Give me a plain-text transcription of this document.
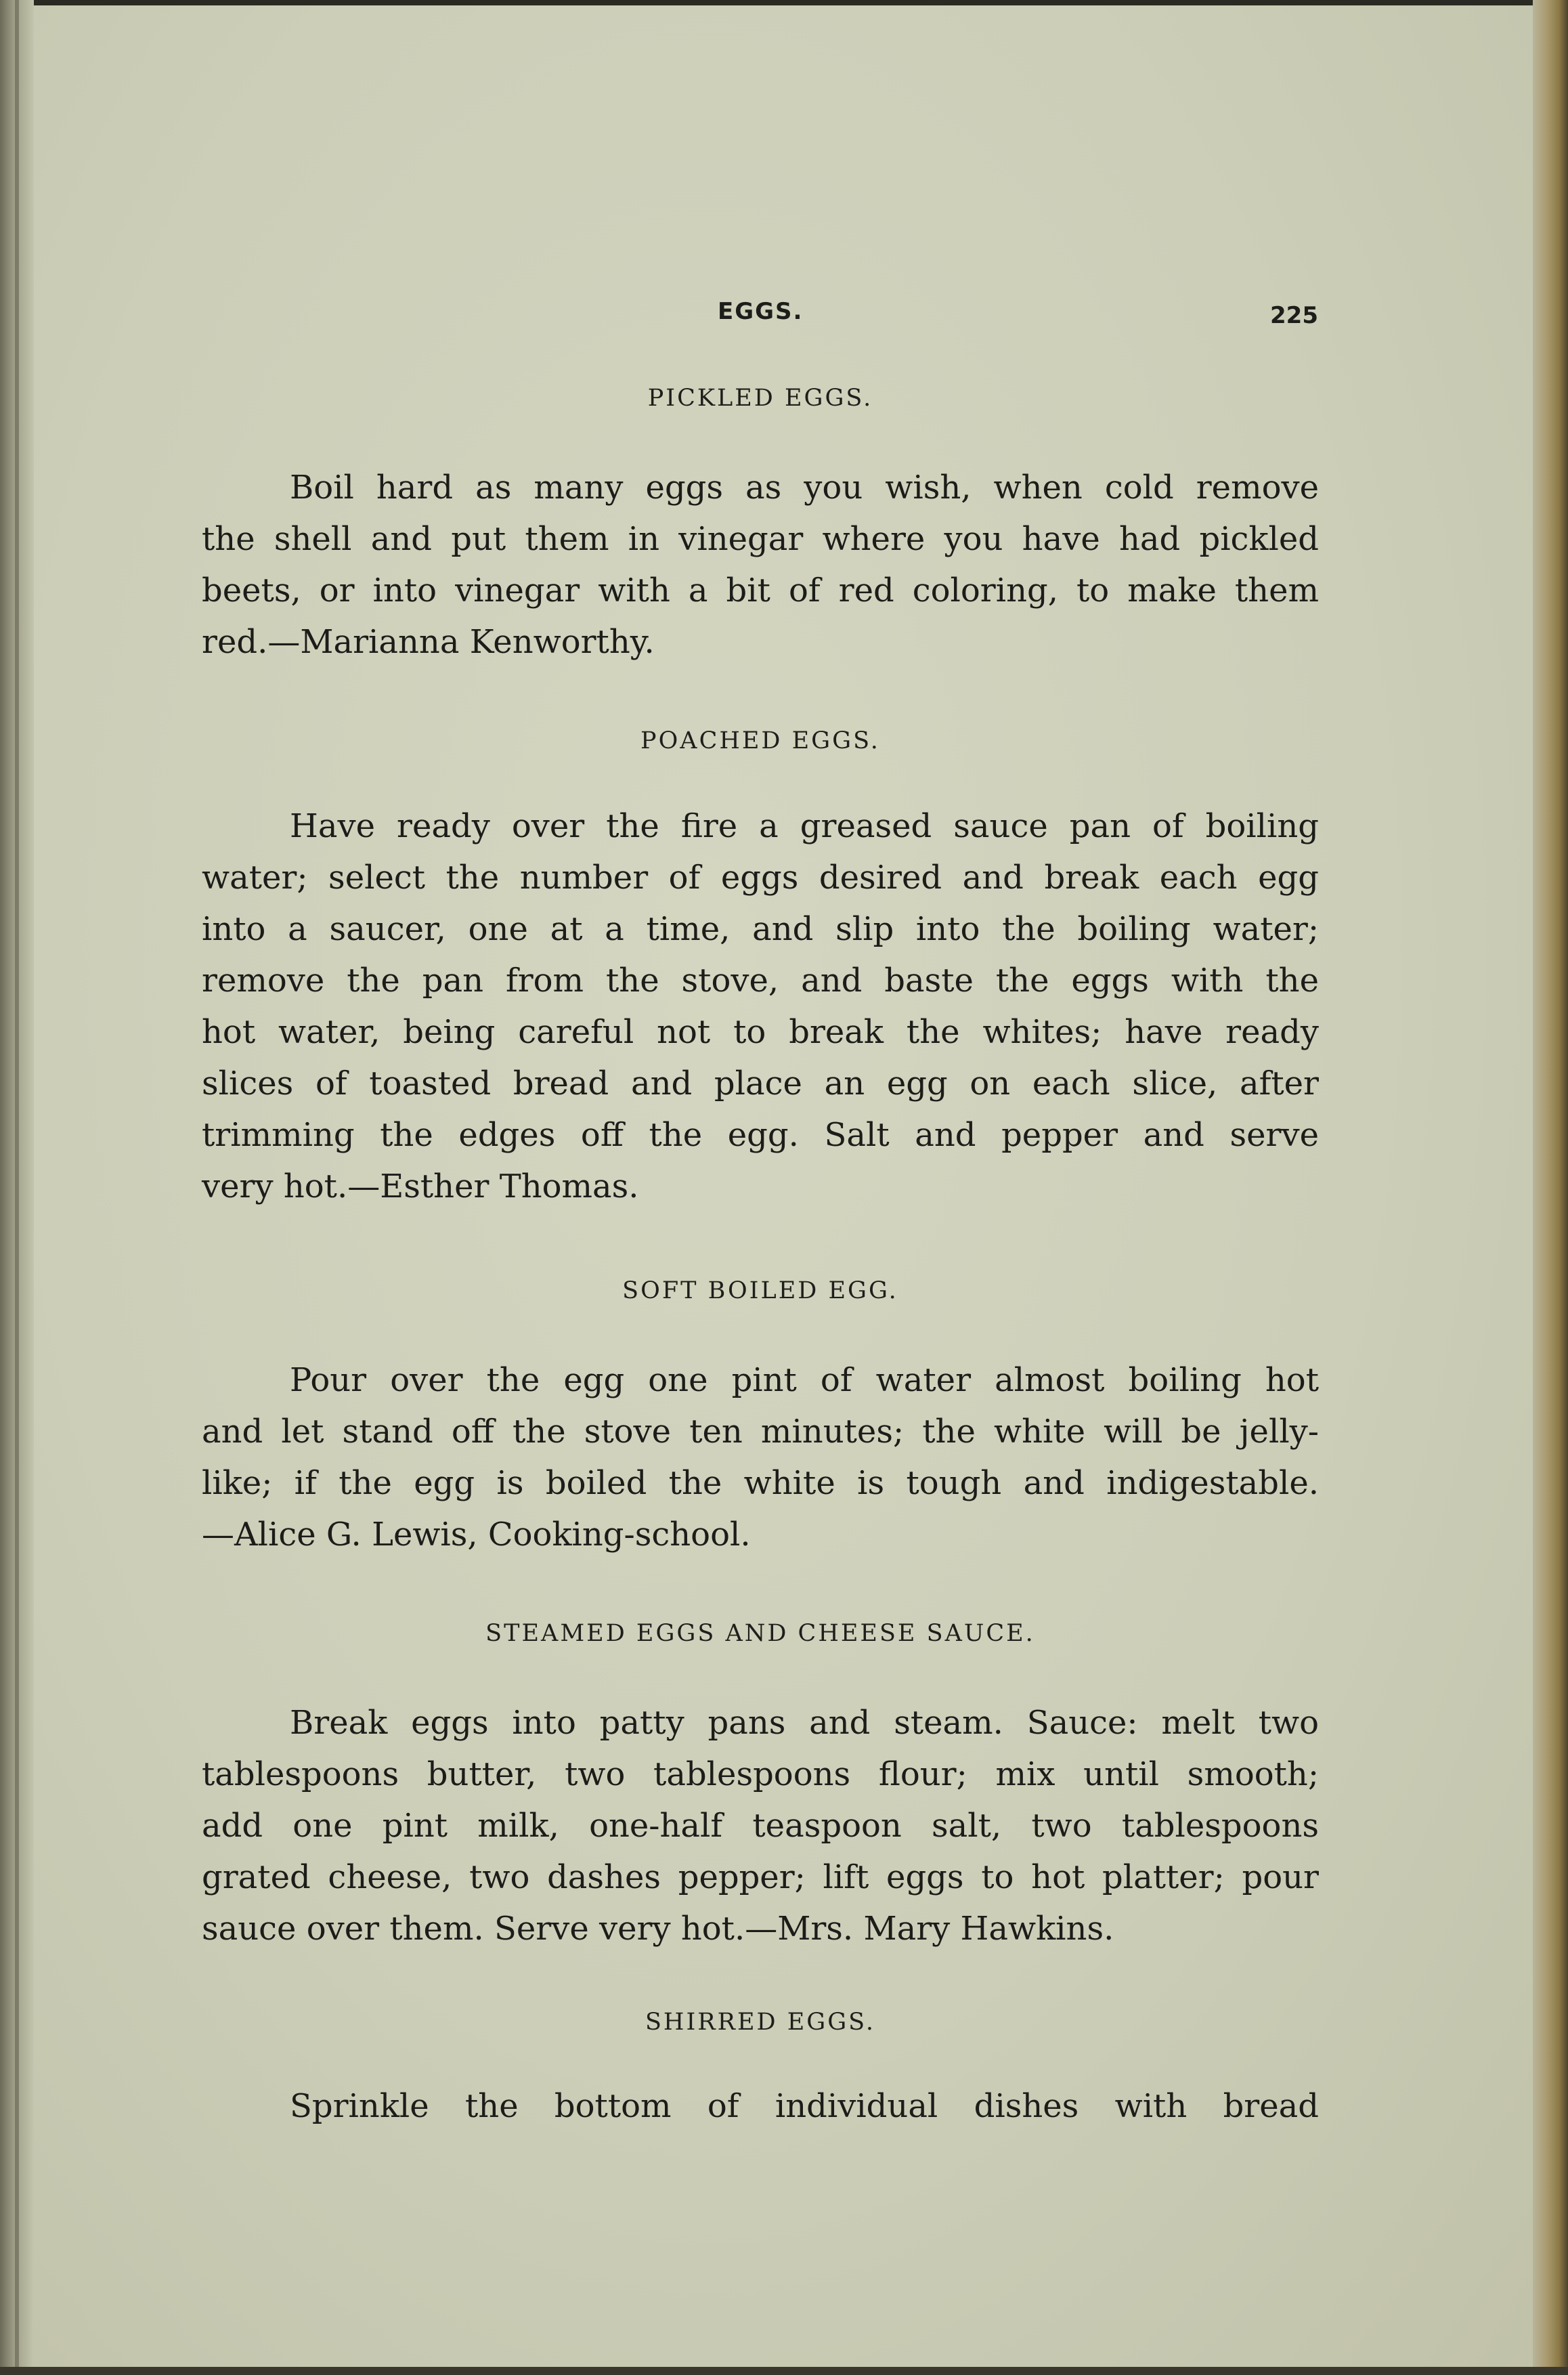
EGGS.	225
PICKLED EGGS.
Boil hard as many eggs as you wish, when cold remove
the shell and put them in vinegar where you have had pickled
beets, or into vinegar with a bit of red coloring, to make them
red.—Marianna Kenworthy.
POACHED EGGS.
Have ready over the fire a greased sauce pan of boiling
water; select the number of eggs desired and break each egg
into a saucer, one at a time, and slip into the boiling water;
remove the pan from the stove, and baste the eggs with the
hot water, being careful not to break the whites; have ready
slices of toasted bread and place an egg on each slice, after
trimming the edges off the egg. Salt and pepper and serve
very hot.—Esther Thomas.
SOFT BOILED EGG.
Pour over the egg one pint of water almost boiling hot
and let stand off the stove ten minutes; the white will be jelly-
like; if the egg is boiled the white is tough and indigestable.
—Alice G. Lewis, Cooking-school.
STEAMED EGGS AND CHEESE SAUCE.
Break eggs into patty pans and steam. Sauce: melt two
tablespoons butter, two tablespoons flour; mix until smooth;
add one pint milk, one-half teaspoon salt, two tablespoons
grated cheese, two dashes pepper; lift eggs to hot platter; pour
sauce over them. Serve very hot.—Mrs. Mary Hawkins.
SHIRRED EGGS.
Sprinkle the bottom of individual dishes with bread
